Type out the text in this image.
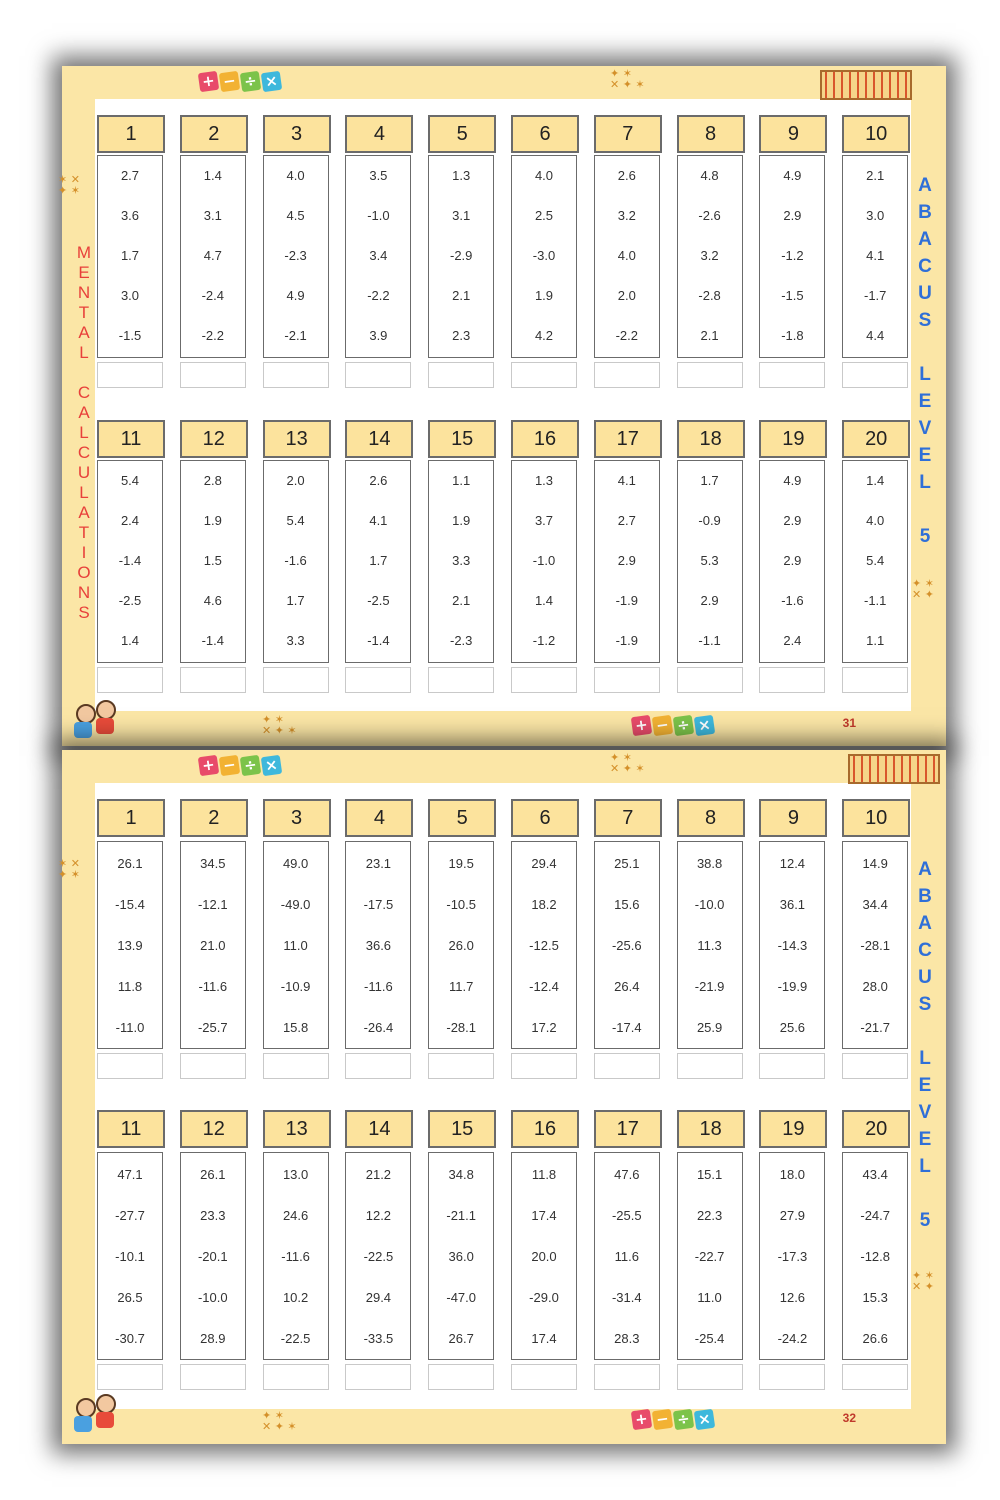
1
2.7
3.6
1.7
3.0
-1.5
2
1.4
3.1
4.7
-2.4
-2.2
3
4.0
4.5
-2.3
4.9
-2.1
4
3.5
-1.0
3.4
-2.2
3.9
5
1.3
3.1
-2.9
2.1
2.3
6
4.0
2.5
-3.0
1.9
4.2
7
2.6
3.2
4.0
2.0
-2.2
8
4.8
-2.6
3.2
-2.8
2.1
9
4.9
2.9
-1.2
-1.5
-1.8
10
2.1
3.0
4.1
-1.7
4.4
11
5.4
2.4
-1.4
-2.5
1.4
12
2.8
1.9
1.5
4.6
-1.4
13
2.0
5.4
-1.6
1.7
3.3
14
2.6
4.1
1.7
-2.5
-1.4
15
1.1
1.9
3.3
2.1
-2.3
16
1.3
3.7
-1.0
1.4
-1.2
17
4.1
2.7
2.9
-1.9
-1.9
18
1.7
-0.9
5.3
2.9
-1.1
19
4.9
2.9
2.9
-1.6
2.4
20
1.4
4.0
5.4
-1.1
1.1
M
E
N
T
A
L
C
A
L
C
U
L
A
T
I
O
N
S
A
B
A
C
U
S
L
E
V
E
L
5
31
+ − ÷ ×
+ − ÷ ×
✦ ✶
✕ ✦ ✶
✦ ✶
✕ ✦ ✶
✶ ✕
✦ ✶
✦ ✶
✕ ✦
1
26.1
-15.4
13.9
11.8
-11.0
2
34.5
-12.1
21.0
-11.6
-25.7
3
49.0
-49.0
11.0
-10.9
15.8
4
23.1
-17.5
36.6
-11.6
-26.4
5
19.5
-10.5
26.0
11.7
-28.1
6
29.4
18.2
-12.5
-12.4
17.2
7
25.1
15.6
-25.6
26.4
-17.4
8
38.8
-10.0
11.3
-21.9
25.9
9
12.4
36.1
-14.3
-19.9
25.6
10
14.9
34.4
-28.1
28.0
-21.7
11
47.1
-27.7
-10.1
26.5
-30.7
12
26.1
23.3
-20.1
-10.0
28.9
13
13.0
24.6
-11.6
10.2
-22.5
14
21.2
12.2
-22.5
29.4
-33.5
15
34.8
-21.1
36.0
-47.0
26.7
16
11.8
17.4
20.0
-29.0
17.4
17
47.6
-25.5
11.6
-31.4
28.3
18
15.1
22.3
-22.7
11.0
-25.4
19
18.0
27.9
-17.3
12.6
-24.2
20
43.4
-24.7
-12.8
15.3
26.6
A
B
A
C
U
S
L
E
V
E
L
5
32
+ − ÷ ×
+ − ÷ ×
✦ ✶
✕ ✦ ✶
✦ ✶
✕ ✦ ✶
✶ ✕
✦ ✶
✦ ✶
✕ ✦
